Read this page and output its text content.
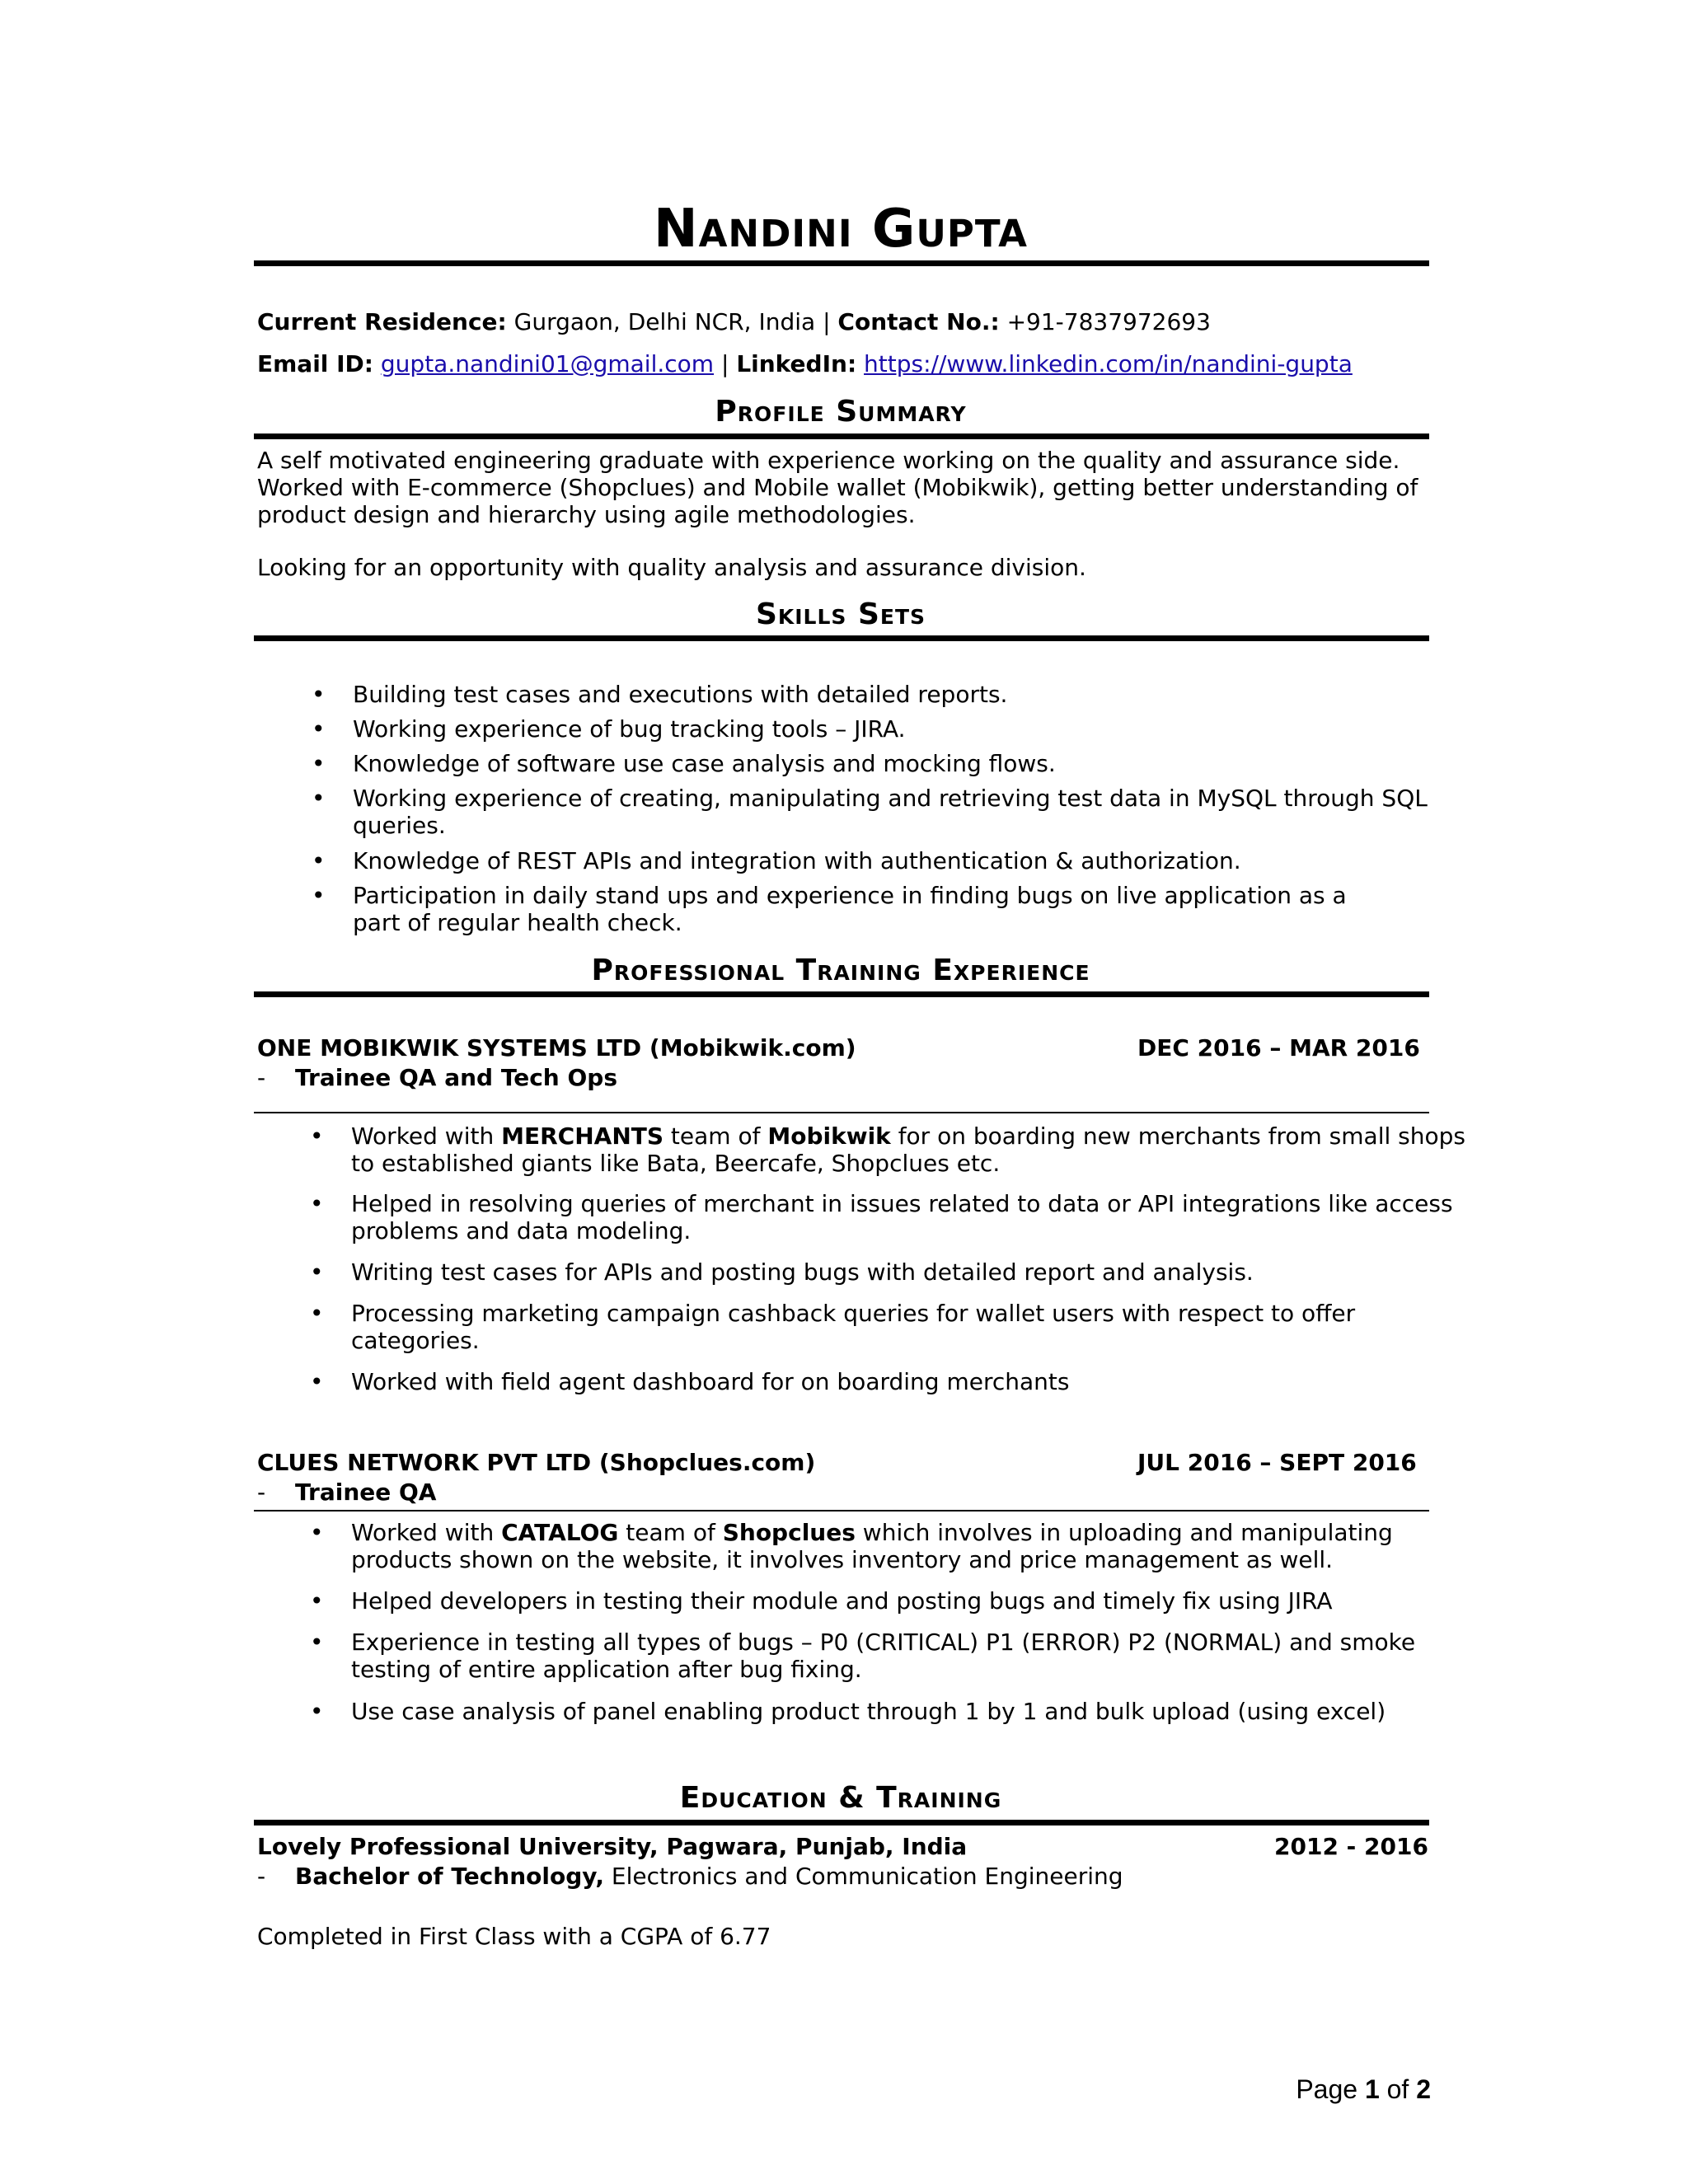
Nandini Gupta

Current Residence: Gurgaon, Delhi NCR, India | Contact No.: +91-7837972693

Email ID: gupta.nandini01@gmail.com | LinkedIn: https://www.linkedin.com/in/nandini-gupta

Profile Summary

A self motivated engineering graduate with experience working on the quality and assurance side.

Worked with E-commerce (Shopclues) and Mobile wallet (Mobikwik), getting better understanding of

product design and hierarchy using agile methodologies.

Looking for an opportunity with quality analysis and assurance division.

Skills Sets
• Building test cases and executions with detailed reports.
• Working experience of bug tracking tools – JIRA.
• Knowledge of software use case analysis and mocking flows.
• Working experience of creating, manipulating and retrieving test data in MySQL through SQL
queries.
• Knowledge of REST APIs and integration with authentication & authorization.
• Participation in daily stand ups and experience in finding bugs on live application as a
part of regular health check.
Professional Training Experience

ONE MOBIKWIK SYSTEMS LTD (Mobikwik.com)	DEC 2016 – MAR 2016

- Trainee QA and Tech Ops

• Worked with MERCHANTS team of Mobikwik for on boarding new merchants from small shops
to established giants like Bata, Beercafe, Shopclues etc.
• Helped in resolving queries of merchant in issues related to data or API integrations like access
problems and data modeling.
• Writing test cases for APIs and posting bugs with detailed report and analysis.
• Processing marketing campaign cashback queries for wallet users with respect to offer
categories.
• Worked with field agent dashboard for on boarding merchants

CLUES NETWORK PVT LTD (Shopclues.com)	JUL 2016 – SEPT 2016

- Trainee QA

• Worked with CATALOG team of Shopclues which involves in uploading and manipulating
products shown on the website, it involves inventory and price management as well.
• Helped developers in testing their module and posting bugs and timely fix using JIRA
• Experience in testing all types of bugs – P0 (CRITICAL) P1 (ERROR) P2 (NORMAL) and smoke
testing of entire application after bug fixing.
• Use case analysis of panel enabling product through 1 by 1 and bulk upload (using excel)
Education & Training

Lovely Professional University, Pagwara, Punjab, India	2012 - 2016

- Bachelor of Technology, Electronics and Communication Engineering

Completed in First Class with a CGPA of 6.77

Page 1 of 2
